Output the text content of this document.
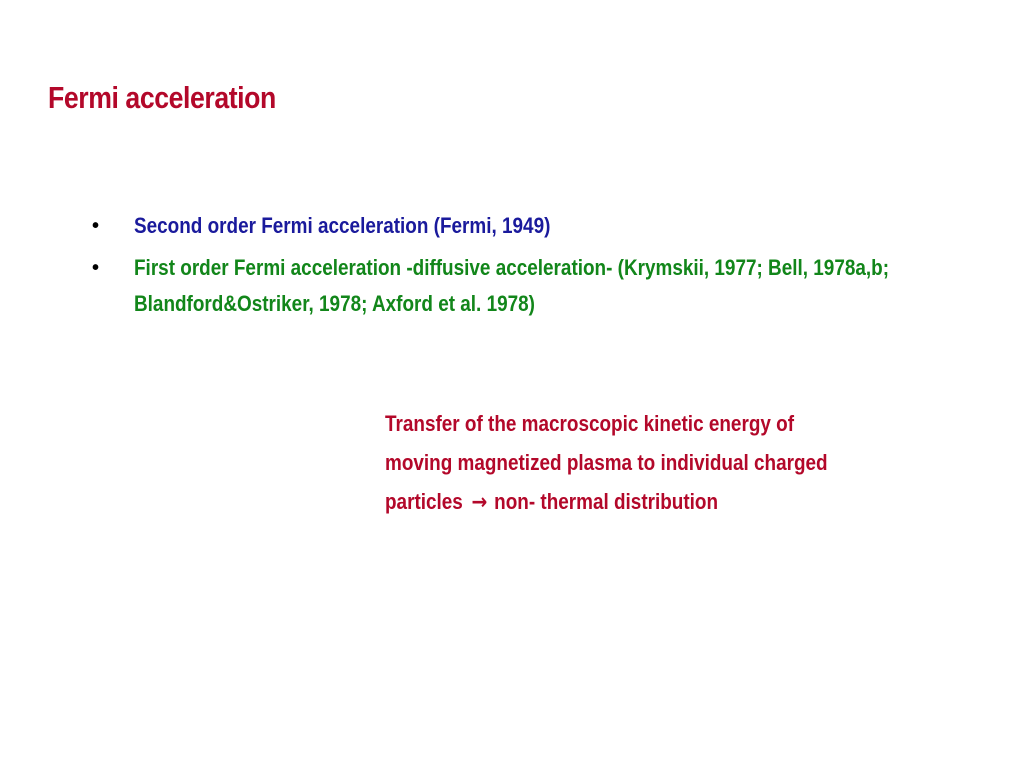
Fermi acceleration
• Second order Fermi acceleration (Fermi, 1949)
• First order Fermi acceleration -diffusive acceleration- (Krymskii, 1977; Bell, 1978a,b; Blandford&Ostriker, 1978; Axford et al. 1978)
Transfer of the macroscopic kinetic energy of
moving magnetized plasma to individual charged
particles → non- thermal distribution
